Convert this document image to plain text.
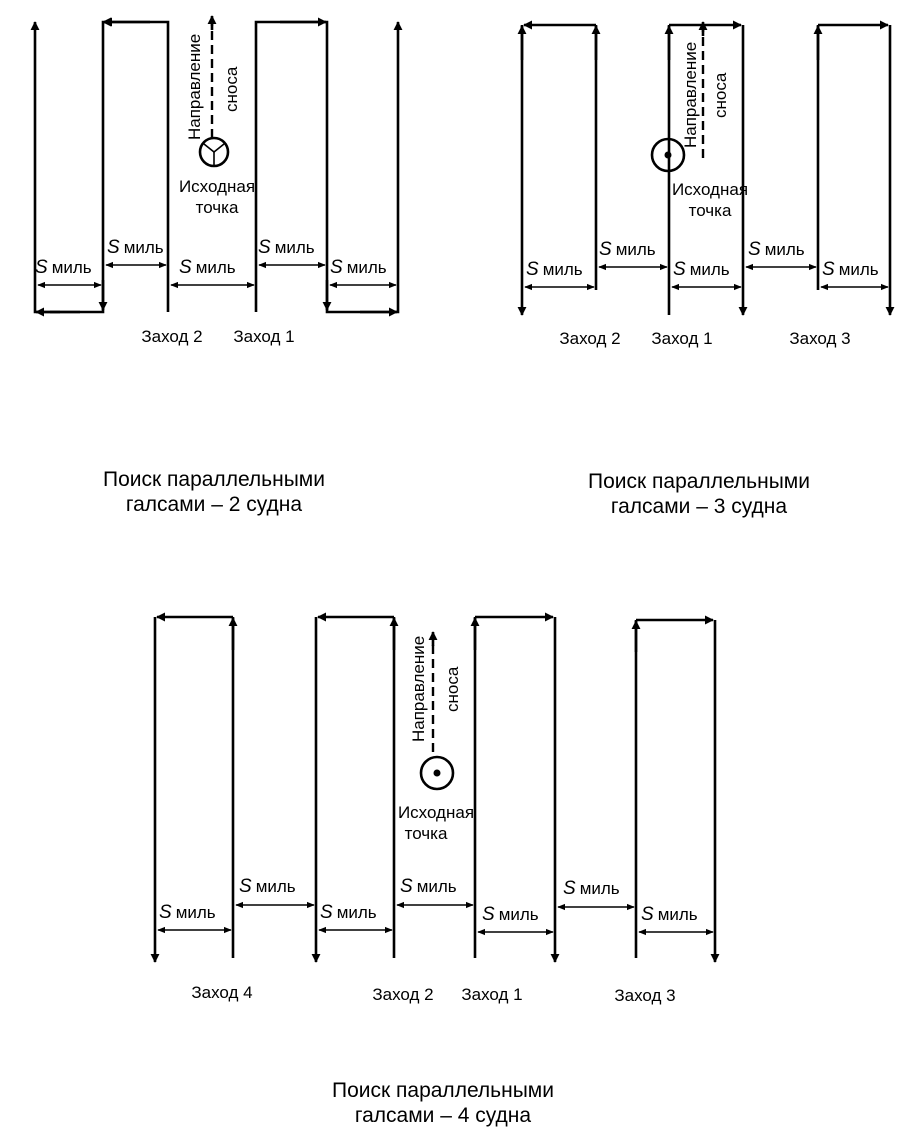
Направление сноса
Исходная
точка
S миль
S миль
S миль
S миль
S миль
Заход 2 Заход 1
Поиск параллельными
галсами – 2 судна
Направление сноса
Исходная
точка
S миль
S миль
S миль
S миль
S миль
Заход 2 Заход 1	Заход 3
Поиск параллельными
галсами – 3 судна
Направление сноса
Исходная
точка
S миль
S миль
S миль
S миль
S миль
S миль
S миль
Заход 4	Заход 2 Заход 1	Заход 3
Поиск параллельными
галсами – 4 судна
